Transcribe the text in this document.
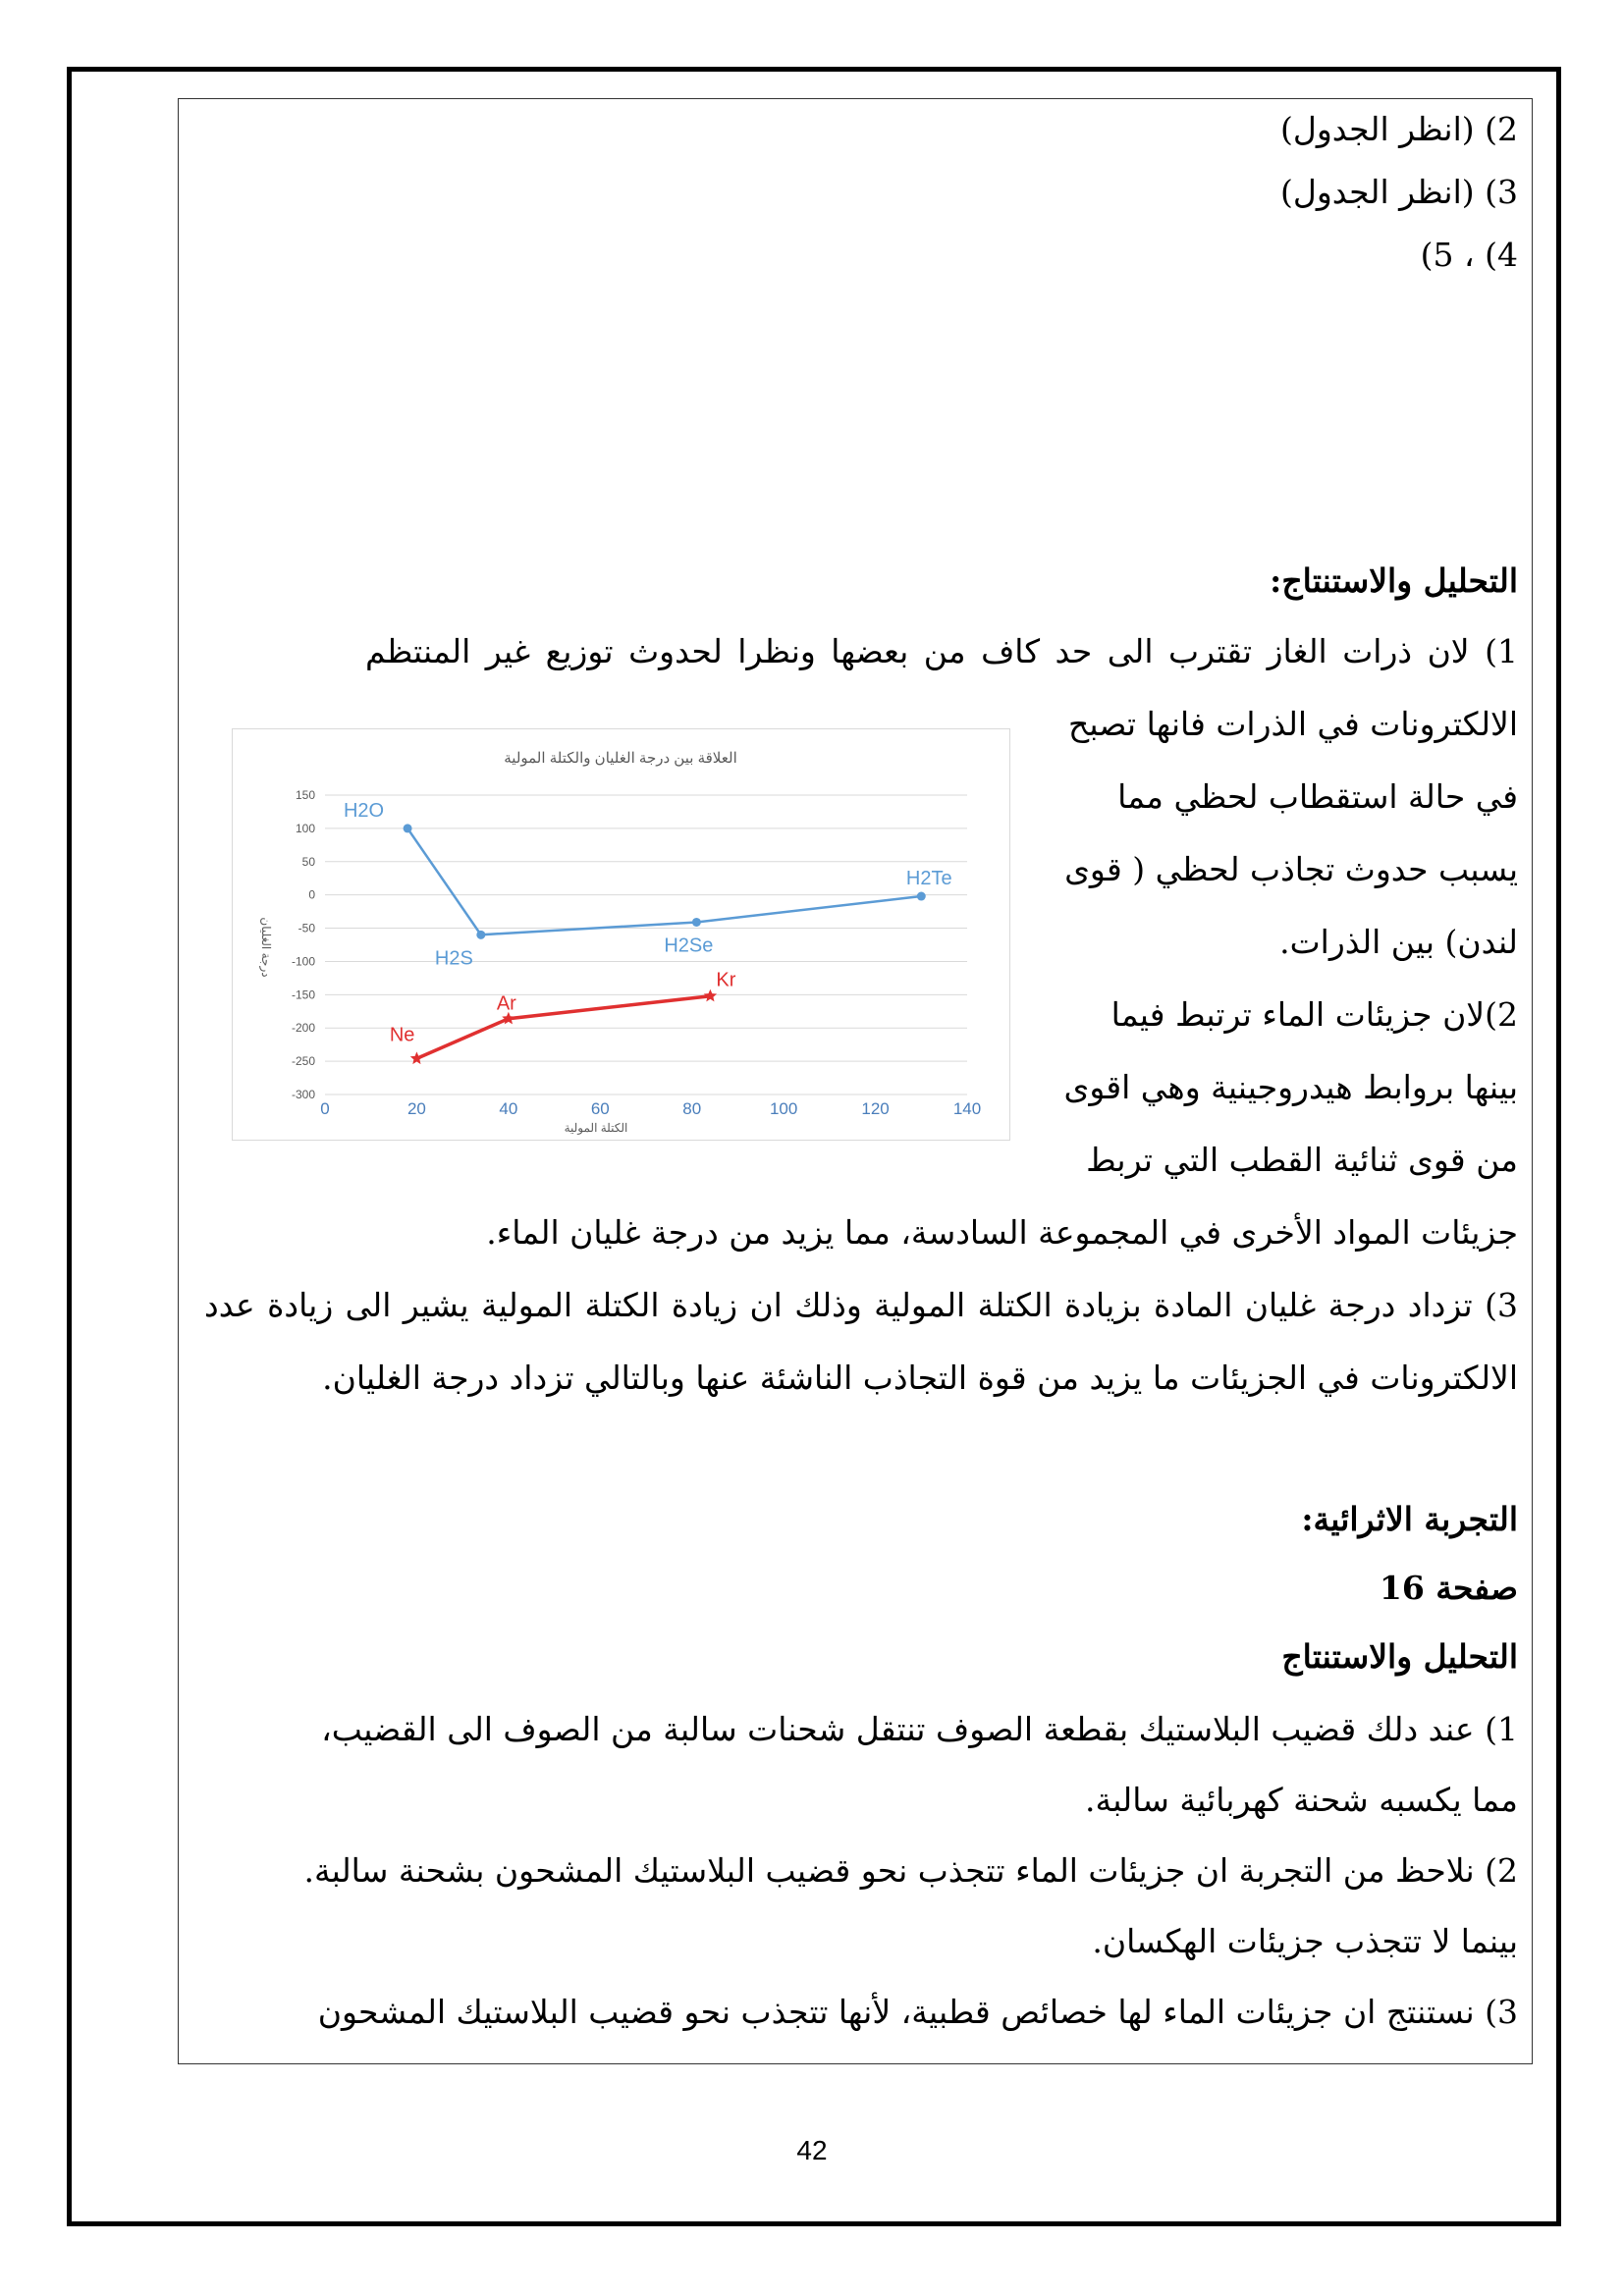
2) (انظر الجدول)
3) (انظر الجدول)
4) ، 5)
التحليل والاستنتاج:
1) لان ذرات الغاز تقترب الى حد كاف من بعضها ونظرا لحدوث توزيع غير المنتظم
الالكترونات في الذرات فانها تصبح
في حالة استقطاب لحظي مما
يسبب حدوث تجاذب لحظي ( قوى
لندن) بين الذرات.
2)لان جزيئات الماء ترتبط فيما
بينها بروابط هيدروجينية وهي اقوى
من قوى ثنائية القطب التي تربط
جزيئات المواد الأخرى في المجموعة السادسة، مما يزيد من درجة غليان الماء.
3) تزداد درجة غليان المادة بزيادة الكتلة المولية وذلك ان زيادة الكتلة المولية يشير الى زيادة عدد
الالكترونات في الجزيئات ما يزيد من قوة التجاذب الناشئة عنها وبالتالي تزداد درجة الغليان.
التجربة الاثرائية:
صفحة 16
التحليل والاستنتاج
1) عند دلك قضيب البلاستيك بقطعة الصوف تنتقل شحنات سالبة من الصوف الى القضيب،
مما يكسبه شحنة كهربائية سالبة.
2) نلاحظ من التجربة ان جزيئات الماء تتجذب نحو قضيب البلاستيك المشحون بشحنة سالبة.
بينما لا تتجذب جزيئات الهكسان.
3) نستنتج ان جزيئات الماء لها خصائص قطبية، لأنها تتجذب نحو قضيب البلاستيك المشحون
42
العلاقة بين درجة الغليان والكتلة المولية
150
100
50
0
-50
-100
-150
-200
-250
-300
0	20	40	60	80	100	120	140
درجة الغليان
الكتلة المولية
H2O
H2S
H2Se
H2Te
Ne
Ar
Kr
